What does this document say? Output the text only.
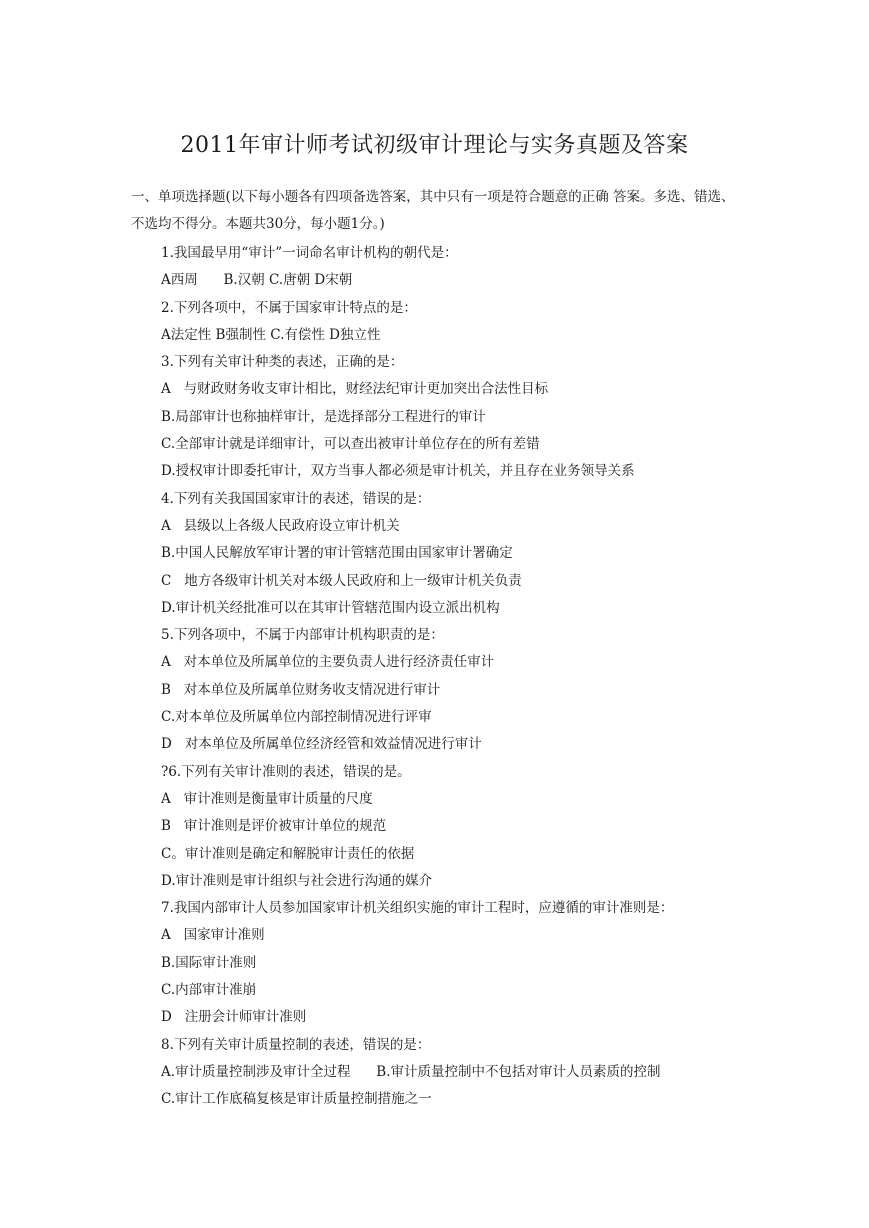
2011年审计师考试初级审计理论与实务真题及答案
一、单项选择题(以下每小题各有四项备选答案，其中只有一项是符合题意的正确 答案。多选、错选、不选均不得分。本题共30分，每小题1分。)
1.我国最早用“审计”一词命名审计机构的朝代是：
A西周      B.汉朝 C.唐朝 D宋朝
2.下列各项中，不属于国家审计特点的是：
A法定性 B强制性 C.有偿性 D独立性
3.下列有关审计种类的表述，正确的是：
A   与财政财务收支审计相比，财经法纪审计更加突出合法性目标
B.局部审计也称抽样审计，是选择部分工程进行的审计
C.全部审计就是详细审计，可以查出被审计单位存在的所有差错
D.授权审计即委托审计，双方当事人都必须是审计机关，并且存在业务领导关系
4.下列有关我国国家审计的表述，错误的是：
A   县级以上各级人民政府设立审计机关
B.中国人民解放军审计署的审计管辖范围由国家审计署确定
C   地方各级审计机关对本级人民政府和上一级审计机关负责
D.审计机关经批准可以在其审计管辖范围内设立派出机构
5.下列各项中，不属于内部审计机构职责的是：
A   对本单位及所属单位的主要负责人进行经济责任审计
B   对本单位及所属单位财务收支情况进行审计
C.对本单位及所属单位内部控制情况进行评审
D   对本单位及所属单位经济经管和效益情况进行审计
?6.下列有关审计准则的表述，错误的是。
A   审计准则是衡量审计质量的尺度
B   审计准则是评价被审计单位的规范
C。审计准则是确定和解脱审计责任的依据
D.审计准则是审计组织与社会进行沟通的媒介
7.我国内部审计人员参加国家审计机关组织实施的审计工程时，应遵循的审计准则是：
A   国家审计准则
B.国际审计准则
C.内部审计准崩
D   注册会计师审计准则
8.下列有关审计质量控制的表述，错误的是：
A.审计质量控制涉及审计全过程      B.审计质量控制中不包括对审计人员素质的控制
C.审计工作底稿复核是审计质量控制措施之一
